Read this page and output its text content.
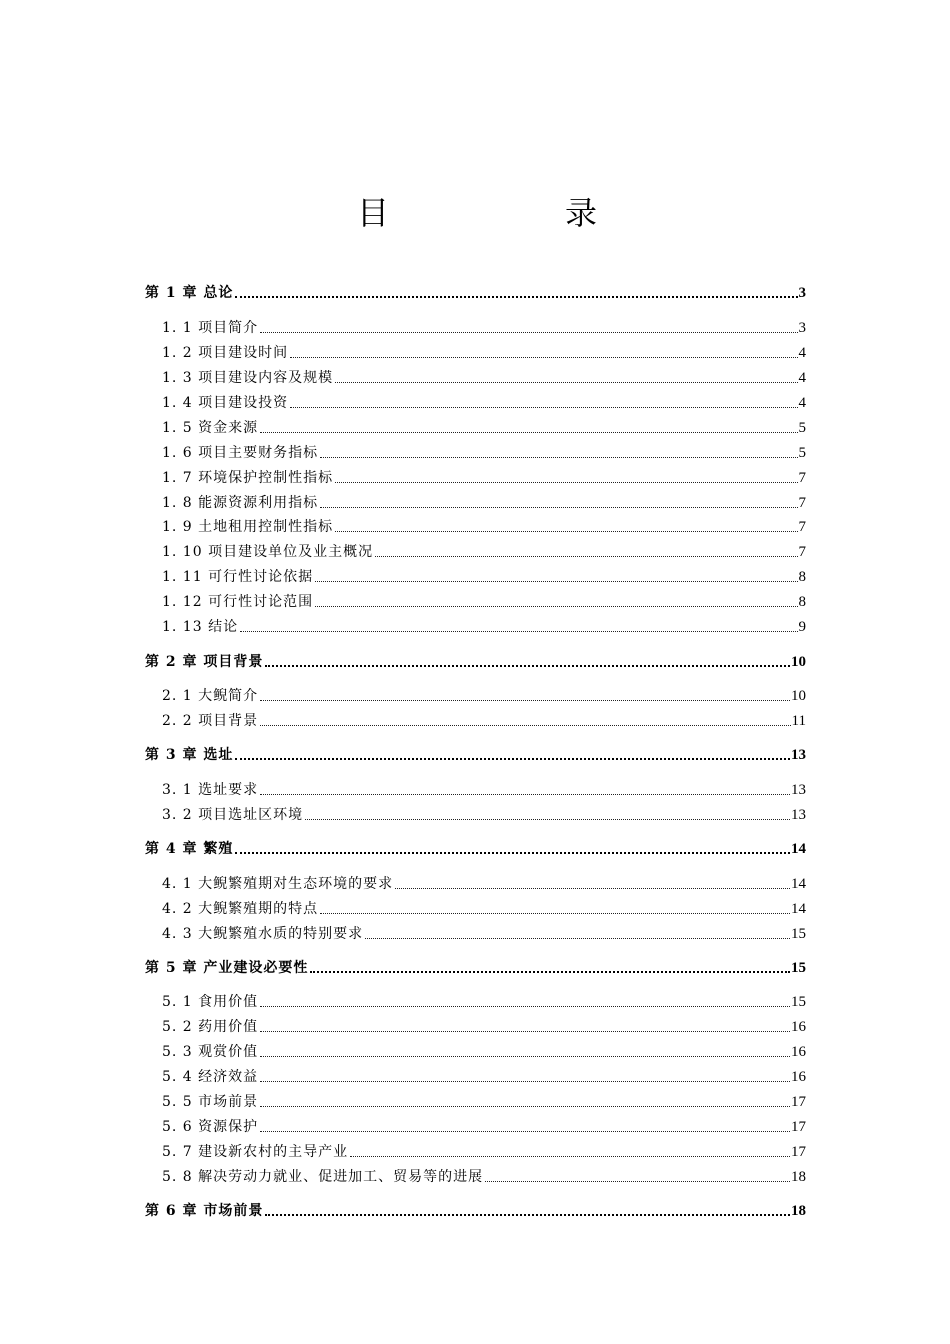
目	录
第 1 章 总论	3
1. 1 项目简介	3
1. 2 项目建设时间	4
1. 3 项目建设内容及规模	4
1. 4 项目建设投资	4
1. 5 资金来源	5
1. 6 项目主要财务指标	5
1. 7 环境保护控制性指标	7
1. 8 能源资源利用指标	7
1. 9 土地租用控制性指标	7
1. 10 项目建设单位及业主概况	7
1. 11 可行性讨论依据	8
1. 12 可行性讨论范围	8
1. 13 结论	9
第 2 章 项目背景	10
2. 1 大鲵简介	10
2. 2 项目背景	11
第 3 章 选址	13
3. 1 选址要求	13
3. 2 项目选址区环境	13
第 4 章 繁殖	14
4. 1 大鲵繁殖期对生态环境的要求	14
4. 2 大鲵繁殖期的特点	14
4. 3 大鲵繁殖水质的特别要求	15
第 5 章 产业建设必要性	15
5. 1 食用价值	15
5. 2 药用价值	16
5. 3 观赏价值	16
5. 4 经济效益	16
5. 5 市场前景	17
5. 6 资源保护	17
5. 7 建设新农村的主导产业	17
5. 8 解决劳动力就业、促进加工、贸易等的进展	18
第 6 章 市场前景	18
